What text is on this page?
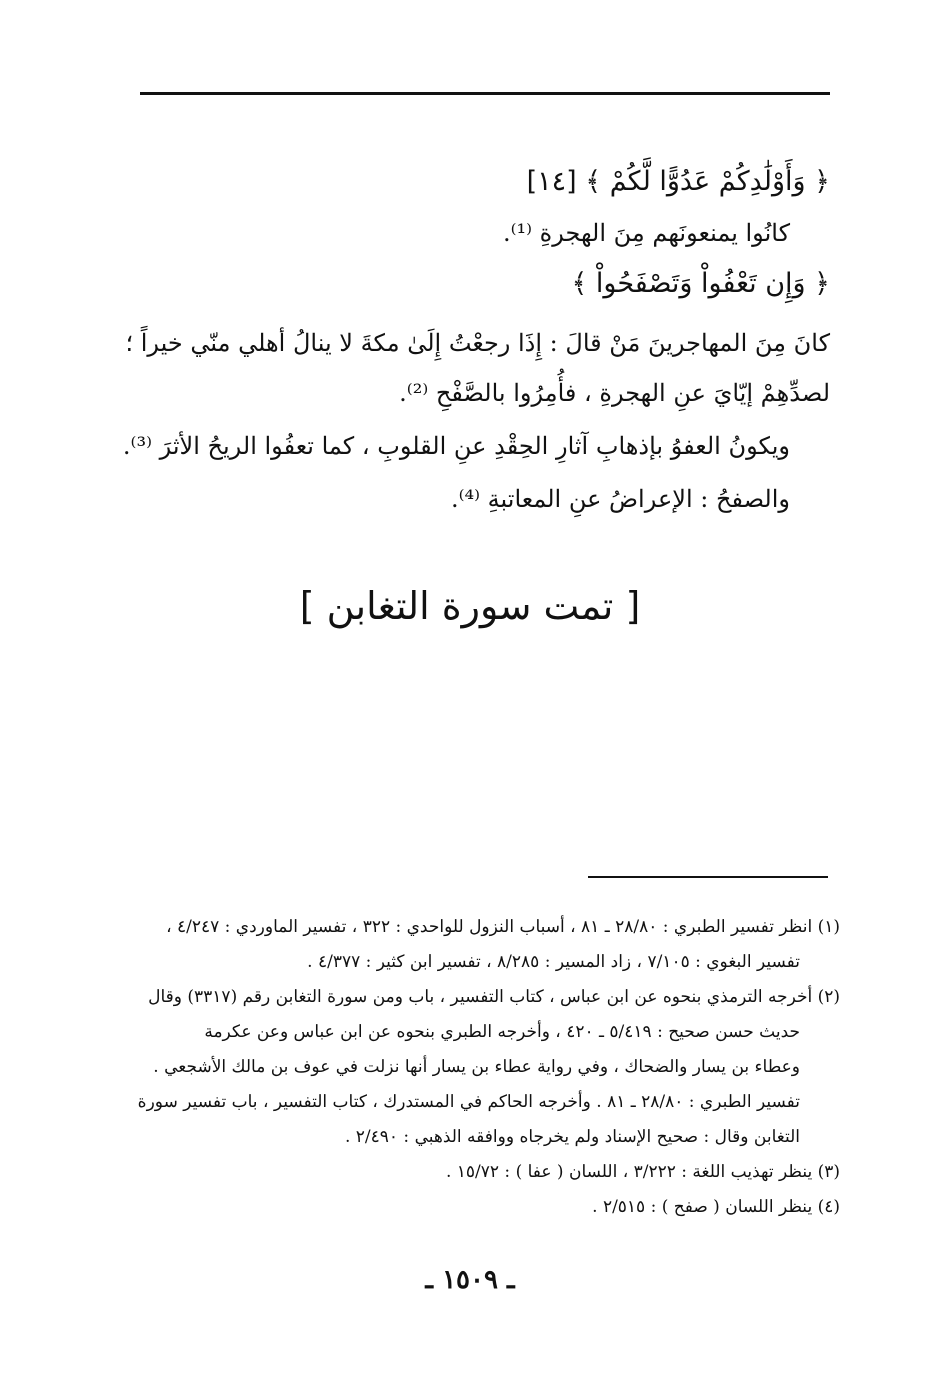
﴿ وَأَوْلَٰدِكُمْ عَدُوًّا لَّكُمْ ﴾ [١٤]
كانُوا يمنعونَهم مِنَ الهجرةِ ⁽¹⁾.
﴿ وَإِن تَعْفُواْ وَتَصْفَحُواْ ﴾
كانَ مِنَ المهاجرينَ مَنْ قالَ : إِذَا رجعْتُ إِلَىٰ مكةَ لا ينالُ أهلي منّي خيراً ؛
لصدِّهِمْ إيّايَ عنِ الهجرةِ ، فأُمِرُوا بالصَّفْحِ ⁽²⁾.
ويكونُ العفوُ بإذهابِ آثارِ الحِقْدِ عنِ القلوبِ ، كما تعفُوا الريحُ الأثرَ ⁽³⁾.
والصفحُ : الإعراضُ عنِ المعاتبةِ ⁽⁴⁾.
[ تمت سورة التغابن ]
(١) انظر تفسير الطبري : ٢٨/٨٠ ـ ٨١ ، أسباب النزول للواحدي : ٣٢٢ ، تفسير الماوردي : ٤/٢٤٧ ،
تفسير البغوي : ٧/١٠٥ ، زاد المسير : ٨/٢٨٥ ، تفسير ابن كثير : ٤/٣٧٧ .
(٢) أخرجه الترمذي بنحوه عن ابن عباس ، كتاب التفسير ، باب ومن سورة التغابن رقم (٣٣١٧) وقال
حديث حسن صحيح : ٥/٤١٩ ـ ٤٢٠ ، وأخرجه الطبري بنحوه عن ابن عباس وعن عكرمة
وعطاء بن يسار والضحاك ، وفي رواية عطاء بن يسار أنها نزلت في عوف بن مالك الأشجعي .
تفسير الطبري : ٢٨/٨٠ ـ ٨١ . وأخرجه الحاكم في المستدرك ، كتاب التفسير ، باب تفسير سورة
التغابن وقال : صحيح الإسناد ولم يخرجاه ووافقه الذهبي : ٢/٤٩٠ .
(٣) ينظر تهذيب اللغة : ٣/٢٢٢ ، اللسان ( عفا ) : ١٥/٧٢ .
(٤) ينظر اللسان ( صفح ) : ٢/٥١٥ .
ـ ١٥٠٩ ـ
